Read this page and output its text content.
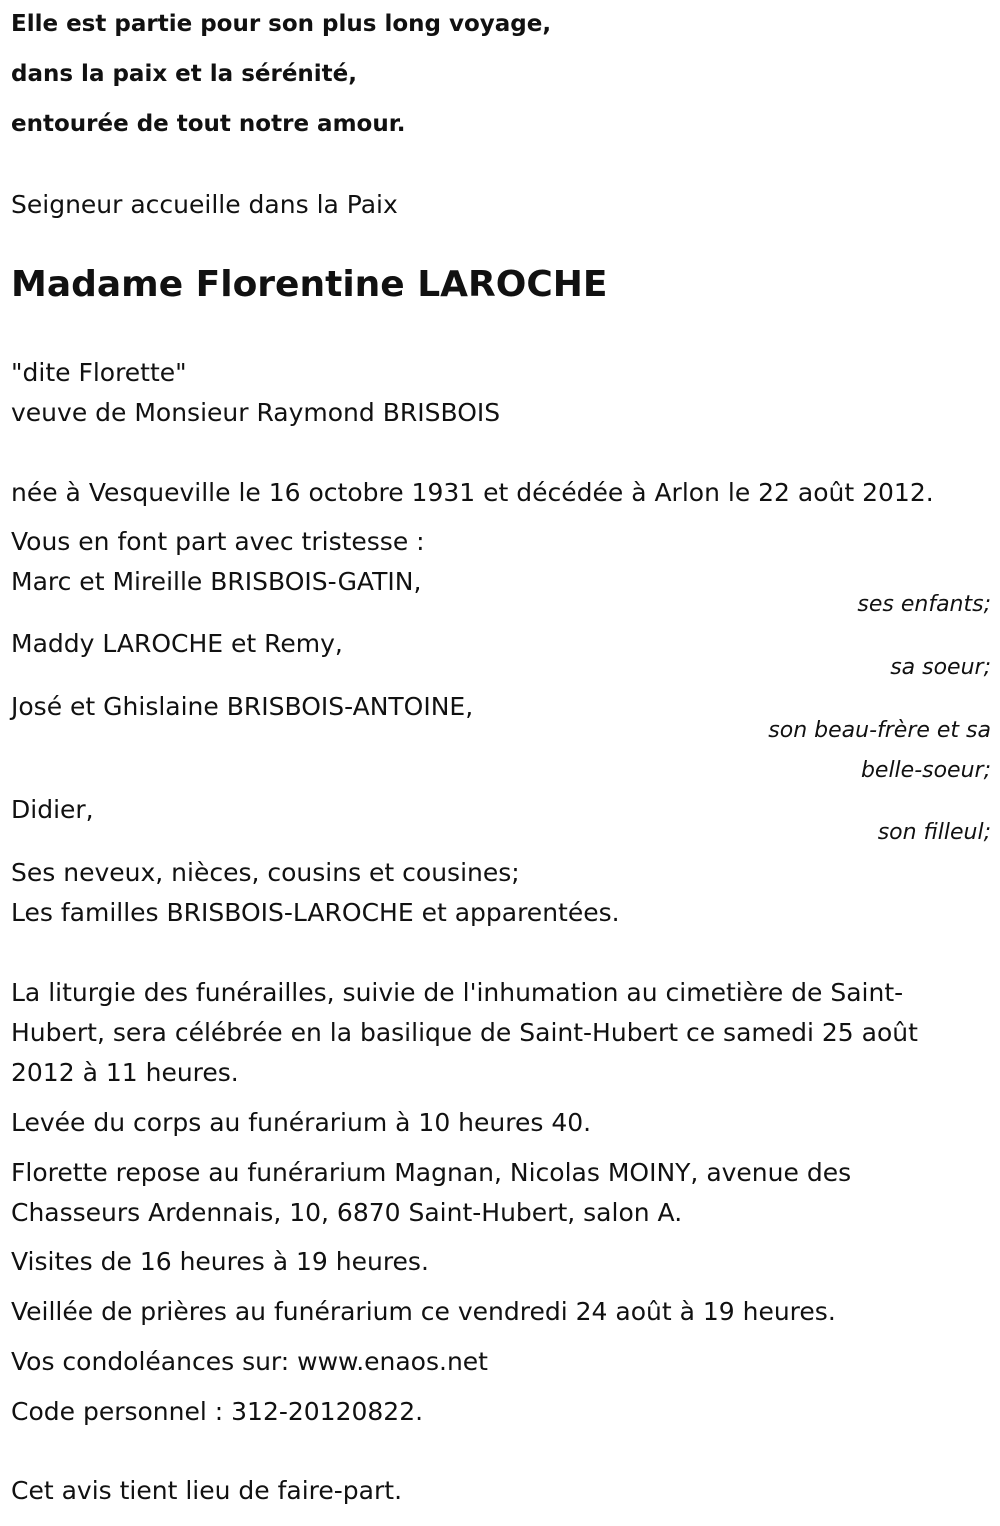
Elle est partie pour son plus long voyage,

dans la paix et la sérénité,

entourée de tout notre amour.

Seigneur accueille dans la Paix

Madame Florentine LAROCHE

"dite Florette"

veuve de Monsieur Raymond BRISBOIS

née à Vesqueville le 16 octobre 1931 et décédée à Arlon le 22 août 2012.

Vous en font part avec tristesse :

Marc et Mireille BRISBOIS-GATIN,

ses enfants;

Maddy LAROCHE et Remy,

sa soeur;

José et Ghislaine BRISBOIS-ANTOINE,

son beau-frère et sa

belle-soeur;

Didier,

son filleul;

Ses neveux, nièces, cousins et cousines;

Les familles BRISBOIS-LAROCHE et apparentées.

La liturgie des funérailles, suivie de l'inhumation au cimetière de Saint-Hubert, sera célébrée en la basilique de Saint-Hubert ce samedi 25 août 2012 à 11 heures.

Levée du corps au funérarium à 10 heures 40.

Florette repose au funérarium Magnan, Nicolas MOINY, avenue des Chasseurs Ardennais, 10, 6870 Saint-Hubert, salon A.

Visites de 16 heures à 19 heures.

Veillée de prières au funérarium ce vendredi 24 août à 19 heures.

Vos condoléances sur: www.enaos.net

Code personnel : 312-20120822.

Cet avis tient lieu de faire-part.
